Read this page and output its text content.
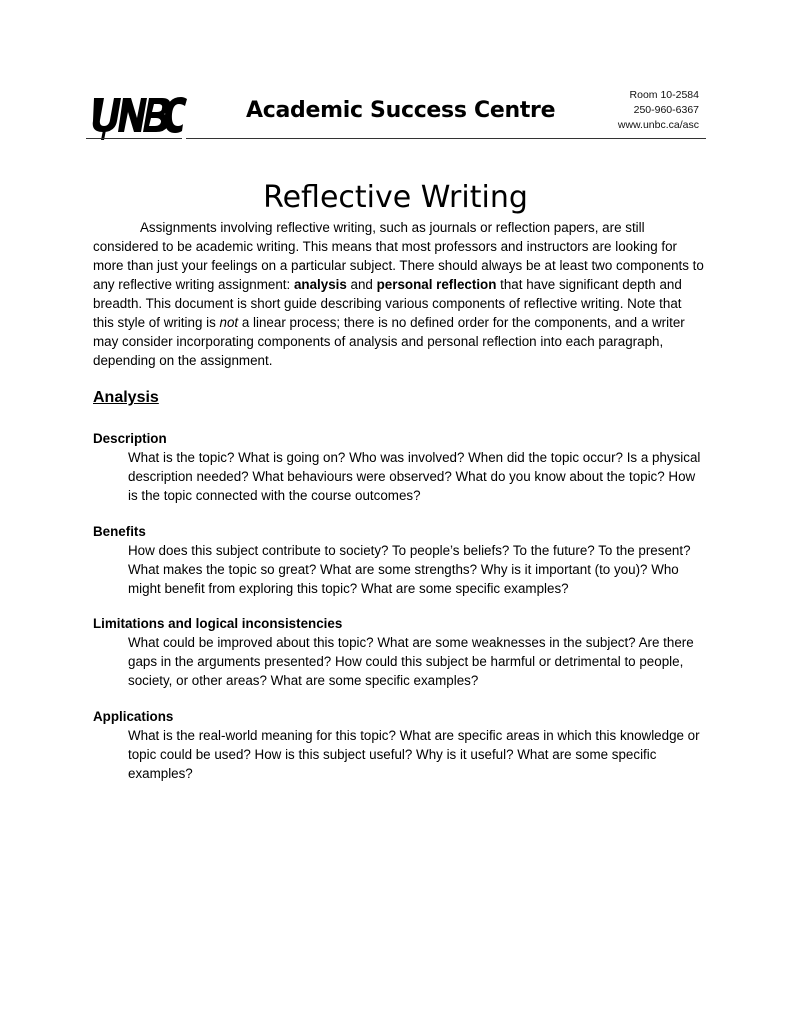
Academic Success Centre
Room 10-2584
250-960-6367
www.unbc.ca/asc
Reflective Writing

Assignments involving reflective writing, such as journals or reflection papers, are still considered to be academic writing. This means that most professors and instructors are looking for more than just your feelings on a particular subject. There should always be at least two components to any reflective writing assignment: analysis and personal reflection that have significant depth and breadth. This document is short guide describing various components of reflective writing. Note that this style of writing is not a linear process; there is no defined order for the components, and a writer may consider incorporating components of analysis and personal reflection into each paragraph, depending on the assignment.

Analysis

Description

What is the topic? What is going on? Who was involved? When did the topic occur? Is a physical description needed? What behaviours were observed? What do you know about the topic? How is the topic connected with the course outcomes?

Benefits

How does this subject contribute to society? To people’s beliefs? To the future? To the present? What makes the topic so great? What are some strengths? Why is it important (to you)? Who might benefit from exploring this topic? What are some specific examples?

Limitations and logical inconsistencies

What could be improved about this topic? What are some weaknesses in the subject? Are there gaps in the arguments presented? How could this subject be harmful or detrimental to people, society, or other areas? What are some specific examples?

Applications

What is the real-world meaning for this topic? What are specific areas in which this knowledge or topic could be used? How is this subject useful? Why is it useful? What are some specific examples?
